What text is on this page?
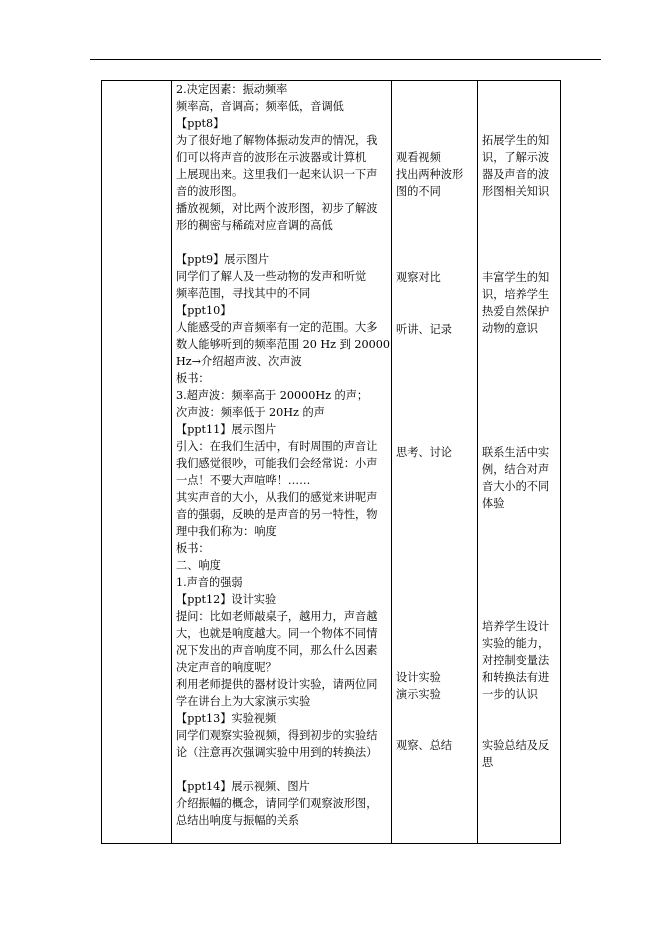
2.决定因素：振动频率
频率高，音调高；频率低，音调低
【ppt8】
为了很好地了解物体振动发声的情况，我
们可以将声音的波形在示波器或计算机
上展现出来。这里我们一起来认识一下声
音的波形图。
播放视频，对比两个波形图，初步了解波
形的稠密与稀疏对应音调的高低
【ppt9】展示图片
同学们了解人及一些动物的发声和听觉
频率范围，寻找其中的不同
【ppt10】
人能感受的声音频率有一定的范围。大多
数人能够听到的频率范围 20 Hz 到 20000
Hz→介绍超声波、次声波
板书：
3.超声波：频率高于 20000Hz 的声；
次声波：频率低于 20Hz 的声
【ppt11】展示图片
引入：在我们生活中，有时周围的声音让
我们感觉很吵，可能我们会经常说：小声
一点！不要大声喧哗！……
其实声音的大小，从我们的感觉来讲呢声
音的强弱，反映的是声音的另一特性，物
理中我们称为：响度
板书：
二、响度
1.声音的强弱
【ppt12】设计实验
提问：比如老师敲桌子，越用力，声音越
大，也就是响度越大。同一个物体不同情
况下发出的声音响度不同，那么什么因素
决定声音的响度呢？
利用老师提供的器材设计实验，请两位同
学在讲台上为大家演示实验
【ppt13】实验视频
同学们观察实验视频，得到初步的实验结
论（注意再次强调实验中用到的转换法）
【ppt14】展示视频、图片
介绍振幅的概念，请同学们观察波形图，
总结出响度与振幅的关系
观看视频
找出两种波形
图的不同
观察对比
听讲、记录
思考、讨论
设计实验
演示实验
观察、总结
拓展学生的知
识，了解示波
器及声音的波
形图相关知识
丰富学生的知
识，培养学生
热爱自然保护
动物的意识
联系生活中实
例，结合对声
音大小的不同
体验
培养学生设计
实验的能力，
对控制变量法
和转换法有进
一步的认识
实验总结及反
思
